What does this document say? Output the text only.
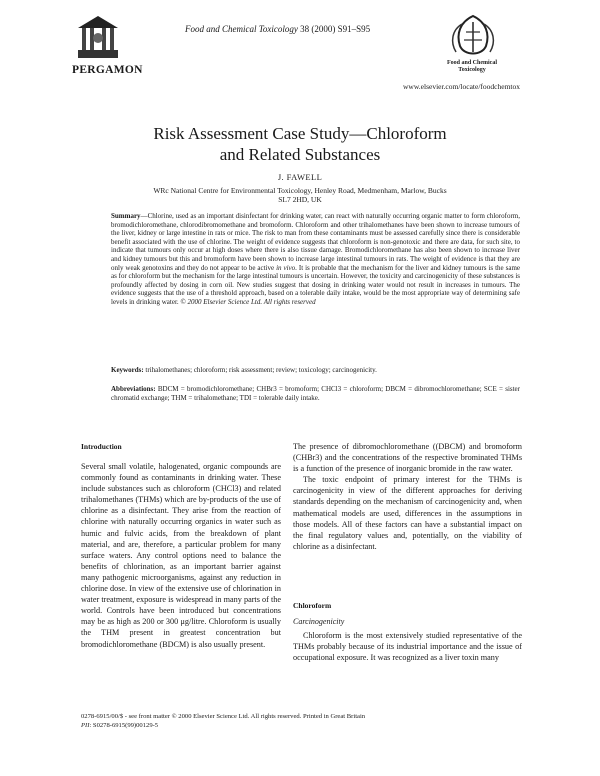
PERGAMON
Food and Chemical Toxicology 38 (2000) S91–S95
Food and Chemical Toxicology
www.elsevier.com/locate/foodchemtox
Risk Assessment Case Study—Chloroform
and Related Substances
J. FAWELL
WRc National Centre for Environmental Toxicology, Henley Road, Medmenham, Marlow, Bucks
SL7 2HD, UK
Summary—Chlorine, used as an important disinfectant for drinking water, can react with naturally occurring organic matter to form chloroform, bromodichloromethane, chlorodibromomethane and bromoform. Chloroform and other trihalomethanes have been shown to increase tumours of the liver, kidney or large intestine in rats or mice. The risk to man from these contaminants must be assessed carefully since there is considerable benefit associated with the use of chlorine. The weight of evidence suggests that chloroform is non-genotoxic and there are data, for such site, to indicate that tumours only occur at high doses where there is also tissue damage. Bromodichloromethane has also been shown to increase liver and kidney tumours but this and bromoform have been shown to increase large intestinal tumours in rats. The weight of evidence is that they are only weak genotoxins and they do not appear to be active in vivo. It is probable that the mechanism for the liver and kidney tumours is the same as for chloroform but the mechanism for the large intestinal tumours is uncertain. However, the toxicity and carcinogenicity of these substances is profoundly affected by dosing in corn oil. New studies suggest that dosing in drinking water would not result in increases in tumours. The evidence suggests that the use of a threshold approach, based on a tolerable daily intake, would be the most appropriate way of determining safe levels in drinking water. © 2000 Elsevier Science Ltd. All rights reserved
Keywords: trihalomethanes; chloroform; risk assessment; review; toxicology; carcinogenicity.
Abbreviations: BDCM = bromodichloromethane; CHBr3 = bromoform; CHCl3 = chloroform; DBCM = dibromochloromethane; SCE = sister chromatid exchange; THM = trihalomethane; TDI = tolerable daily intake.
Introduction

Several small volatile, halogenated, organic compounds are commonly found as contaminants in drinking water. These include substances such as chloroform (CHCl3) and related trihalomethanes (THMs) which are by-products of the use of chlorine as a disinfectant. They arise from the reaction of chlorine with naturally occurring organics in water such as humic and fulvic acids, from the breakdown of plant material, and are, therefore, a particular problem for many surface waters. Any control options need to balance the benefits of chlorination, as an important barrier against many pathogenic microorganisms, against any reduction in chlorine dose. In view of the extensive use of chlorination in water treatment, exposure is widespread in many parts of the world. Controls have been introduced but concentrations may be as high as 200 or 300 μg/litre. Chloroform is usually the THM present in greatest concentration but bromodichloromethane (BDCM) is also usually present.

The presence of dibromochloromethane ((DBCM) and bromoform (CHBr3) and the concentrations of the respective brominated THMs is a function of the presence of inorganic bromide in the raw water.

The toxic endpoint of primary interest for the THMs is carcinogenicity in view of the different approaches for deriving standards depending on the mechanism of carcinogenicity and, when mathematical models are used, differences in the assumptions in those models. All of these factors can have a substantial impact on the final regulatory values and, potentially, on the viability of chlorine as a disinfectant.

Chloroform
Carcinogenicity

Chloroform is the most extensively studied representative of the THMs probably because of its industrial importance and the issue of occupational exposure. It was recognized as a liver toxin many

0278-6915/00/$ - see front matter © 2000 Elsevier Science Ltd. All rights reserved. Printed in Great Britain
PII: S0278-6915(99)00129-5
